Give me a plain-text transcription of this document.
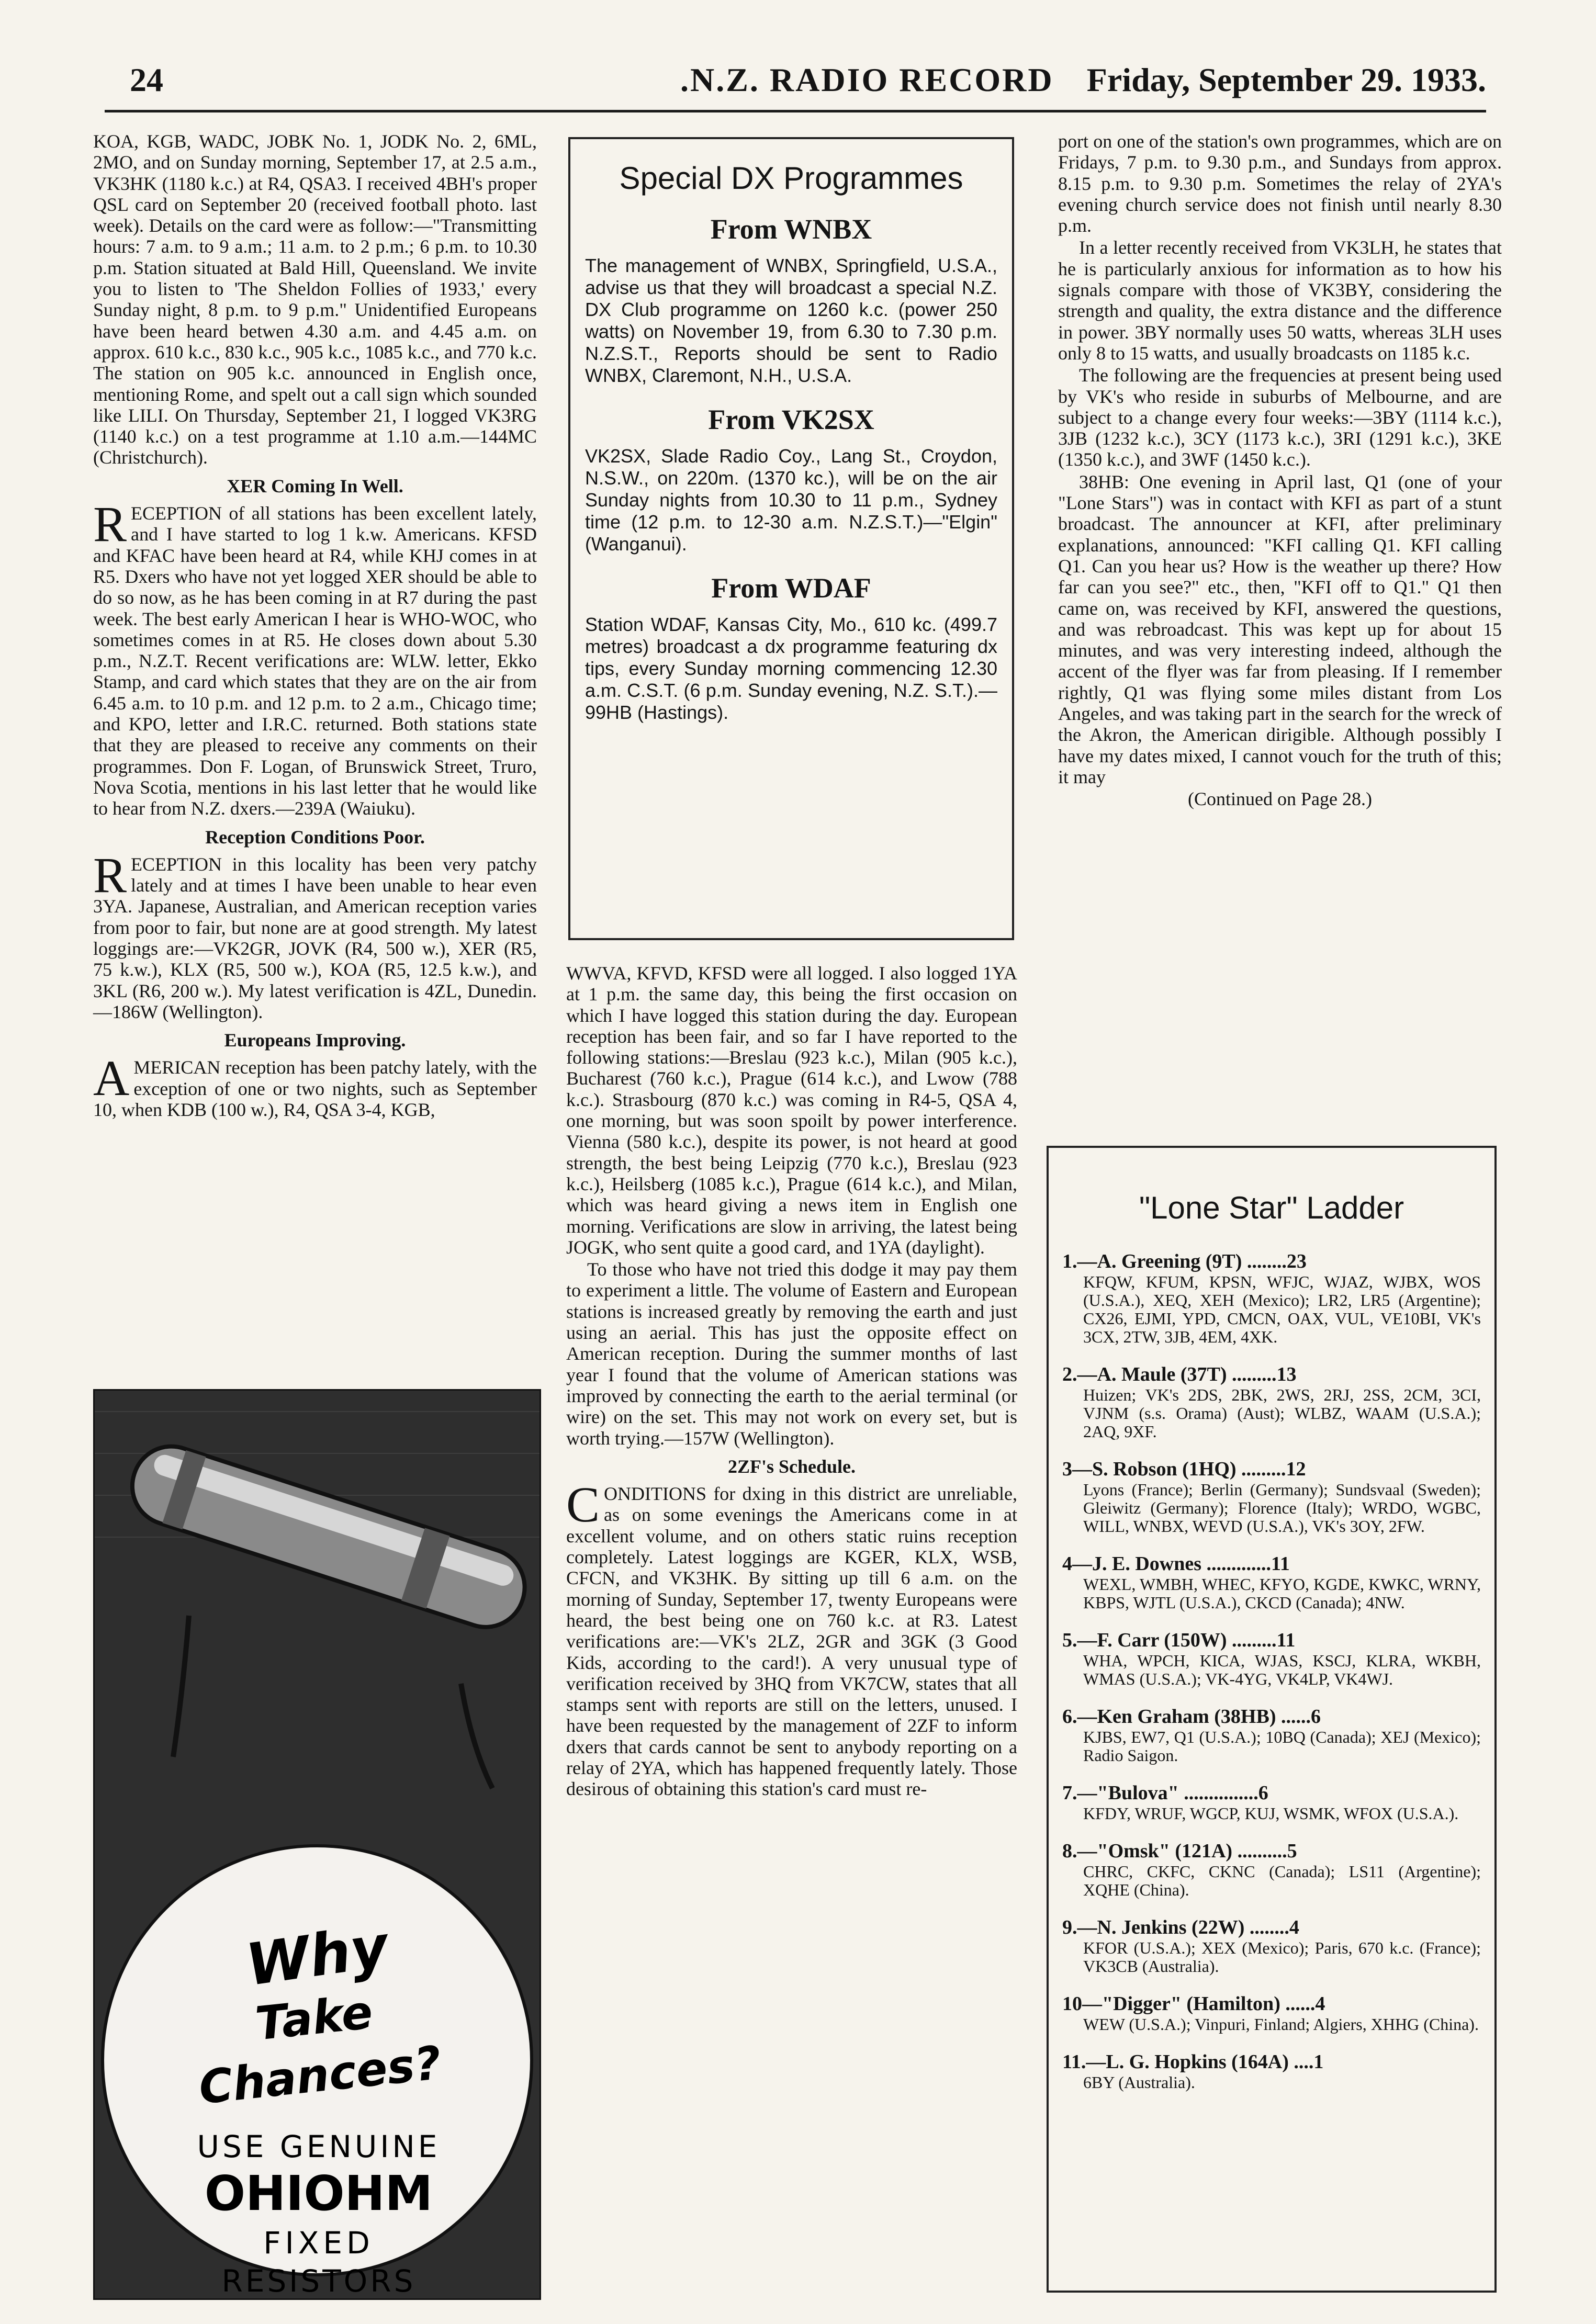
24	.N.Z. RADIO RECORD Friday, September 29. 1933.

KOA, KGB, WADC, JOBK No. 1, JODK No. 2, 6ML, 2MO, and on Sunday morning, September 17, at 2.5 a.m., VK3HK (1180 k.c.) at R4, QSA3. I received 4BH's proper QSL card on September 20 (received football photo. last week). Details on the card were as follow:—"Transmitting hours: 7 a.m. to 9 a.m.; 11 a.m. to 2 p.m.; 6 p.m. to 10.30 p.m. Station situated at Bald Hill, Queensland. We invite you to listen to 'The Sheldon Follies of 1933,' every Sunday night, 8 p.m. to 9 p.m." Unidentified Europeans have been heard betwen 4.30 a.m. and 4.45 a.m. on approx. 610 k.c., 830 k.c., 905 k.c., 1085 k.c., and 770 k.c. The station on 905 k.c. announced in English once, mentioning Rome, and spelt out a call sign which sounded like LILI. On Thursday, September 21, I logged VK3RG (1140 k.c.) on a test programme at 1.10 a.m.—144MC (Christchurch).

XER Coming In Well.

RECEPTION of all stations has been excellent lately, and I have started to log 1 k.w. Americans. KFSD and KFAC have been heard at R4, while KHJ comes in at R5. Dxers who have not yet logged XER should be able to do so now, as he has been coming in at R7 during the past week. The best early American I hear is WHO-WOC, who sometimes comes in at R5. He closes down about 5.30 p.m., N.Z.T. Recent verifications are: WLW. letter, Ekko Stamp, and card which states that they are on the air from 6.45 a.m. to 10 p.m. and 12 p.m. to 2 a.m., Chicago time; and KPO, letter and I.R.C. returned. Both stations state that they are pleased to receive any comments on their programmes. Don F. Logan, of Brunswick Street, Truro, Nova Scotia, mentions in his last letter that he would like to hear from N.Z. dxers.—239A (Waiuku).

Reception Conditions Poor.

RECEPTION in this locality has been very patchy lately and at times I have been unable to hear even 3YA. Japanese, Australian, and American reception varies from poor to fair, but none are at good strength. My latest loggings are:—VK2GR, JOVK (R4, 500 w.), XER (R5, 75 k.w.), KLX (R5, 500 w.), KOA (R5, 12.5 k.w.), and 3KL (R6, 200 w.). My latest verification is 4ZL, Dunedin.—186W (Wellington).

Europeans Improving.

AMERICAN reception has been patchy lately, with the exception of one or two nights, such as September 10, when KDB (100 w.), R4, QSA 3-4, KGB,

Why
Take Chances?
USE GENUINE
OHIOHM
FIXED
RESISTORS
Special DX Programmes
From WNBX

The management of WNBX, Springfield, U.S.A., advise us that they will broadcast a special N.Z. DX Club programme on 1260 k.c. (power 250 watts) on November 19, from 6.30 to 7.30 p.m. N.Z.S.T., Reports should be sent to Radio WNBX, Claremont, N.H., U.S.A.

From VK2SX

VK2SX, Slade Radio Coy., Lang St., Croydon, N.S.W., on 220m. (1370 kc.), will be on the air Sunday nights from 10.30 to 11 p.m., Sydney time (12 p.m. to 12-30 a.m. N.Z.S.T.)—"Elgin" (Wanganui).

From WDAF

Station WDAF, Kansas City, Mo., 610 kc. (499.7 metres) broadcast a dx programme featuring dx tips, every Sunday morning commencing 12.30 a.m. C.S.T. (6 p.m. Sunday evening, N.Z. S.T.).—99HB (Hastings).

WWVA, KFVD, KFSD were all logged. I also logged 1YA at 1 p.m. the same day, this being the first occasion on which I have logged this station during the day. European reception has been fair, and so far I have reported to the following stations:—Breslau (923 k.c.), Milan (905 k.c.), Bucharest (760 k.c.), Prague (614 k.c.), and Lwow (788 k.c.). Strasbourg (870 k.c.) was coming in R4-5, QSA 4, one morning, but was soon spoilt by power interference. Vienna (580 k.c.), despite its power, is not heard at good strength, the best being Leipzig (770 k.c.), Breslau (923 k.c.), Heilsberg (1085 k.c.), Prague (614 k.c.), and Milan, which was heard giving a news item in English one morning. Verifications are slow in arriving, the latest being JOGK, who sent quite a good card, and 1YA (daylight).

To those who have not tried this dodge it may pay them to experiment a little. The volume of Eastern and European stations is increased greatly by removing the earth and just using an aerial. This has just the opposite effect on American reception. During the summer months of last year I found that the volume of American stations was improved by connecting the earth to the aerial terminal (or wire) on the set. This may not work on every set, but is worth trying.—157W (Wellington).

2ZF's Schedule.

CONDITIONS for dxing in this district are unreliable, as on some evenings the Americans come in at excellent volume, and on others static ruins reception completely. Latest loggings are KGER, KLX, WSB, CFCN, and VK3HK. By sitting up till 6 a.m. on the morning of Sunday, September 17, twenty Europeans were heard, the best being one on 760 k.c. at R3. Latest verifications are:—VK's 2LZ, 2GR and 3GK (3 Good Kids, according to the card!). A very unusual type of verification received by 3HQ from VK7CW, states that all stamps sent with reports are still on the letters, unused. I have been requested by the management of 2ZF to inform dxers that cards cannot be sent to anybody reporting on a relay of 2YA, which has happened frequently lately. Those desirous of obtaining this station's card must re-

port on one of the station's own programmes, which are on Fridays, 7 p.m. to 9.30 p.m., and Sundays from approx. 8.15 p.m. to 9.30 p.m. Sometimes the relay of 2YA's evening church service does not finish until nearly 8.30 p.m.

In a letter recently received from VK3LH, he states that he is particularly anxious for information as to how his signals compare with those of VK3BY, considering the strength and quality, the extra distance and the difference in power. 3BY normally uses 50 watts, whereas 3LH uses only 8 to 15 watts, and usually broadcasts on 1185 k.c.

The following are the frequencies at present being used by VK's who reside in suburbs of Melbourne, and are subject to a change every four weeks:—3BY (1114 k.c.), 3JB (1232 k.c.), 3CY (1173 k.c.), 3RI (1291 k.c.), 3KE (1350 k.c.), and 3WF (1450 k.c.).

38HB: One evening in April last, Q1 (one of your "Lone Stars") was in contact with KFI as part of a stunt broadcast. The announcer at KFI, after preliminary explanations, announced: "KFI calling Q1. KFI calling Q1. Can you hear us? How is the weather up there? How far can you see?" etc., then, "KFI off to Q1." Q1 then came on, was received by KFI, answered the questions, and was rebroadcast. This was kept up for about 15 minutes, and was very interesting indeed, although the accent of the flyer was far from pleasing. If I remember rightly, Q1 was flying some miles distant from Los Angeles, and was taking part in the search for the wreck of the Akron, the American dirigible. Although possibly I have my dates mixed, I cannot vouch for the truth of this; it may

(Continued on Page 28.)

"Lone Star" Ladder
1.—A. Greening (9T) ........23
KFQW, KFUM, KPSN, WFJC, WJAZ, WJBX, WOS (U.S.A.), XEQ, XEH (Mexico); LR2, LR5 (Argentine); CX26, EJMI, YPD, CMCN, OAX, VUL, VE10BI, VK's 3CX, 2TW, 3JB, 4EM, 4XK.
2.—A. Maule (37T) .........13
Huizen; VK's 2DS, 2BK, 2WS, 2RJ, 2SS, 2CM, 3CI, VJNM (s.s. Orama) (Aust); WLBZ, WAAM (U.S.A.); 2AQ, 9XF.
3—S. Robson (1HQ) .........12
Lyons (France); Berlin (Germany); Sundsvaal (Sweden); Gleiwitz (Germany); Florence (Italy); WRDO, WGBC, WILL, WNBX, WEVD (U.S.A.), VK's 3OY, 2FW.
4—J. E. Downes .............11
WEXL, WMBH, WHEC, KFYO, KGDE, KWKC, WRNY, KBPS, WJTL (U.S.A.), CKCD (Canada); 4NW.
5.—F. Carr (150W) .........11
WHA, WPCH, KICA, WJAS, KSCJ, KLRA, WKBH, WMAS (U.S.A.); VK-4YG, VK4LP, VK4WJ.
6.—Ken Graham (38HB) ......6
KJBS, EW7, Q1 (U.S.A.); 10BQ (Canada); XEJ (Mexico); Radio Saigon.
7.—"Bulova" ...............6
KFDY, WRUF, WGCP, KUJ, WSMK, WFOX (U.S.A.).
8.—"Omsk" (121A) ..........5
CHRC, CKFC, CKNC (Canada); LS11 (Argentine); XQHE (China).
9.—N. Jenkins (22W) ........4
KFOR (U.S.A.); XEX (Mexico); Paris, 670 k.c. (France); VK3CB (Australia).
10—"Digger" (Hamilton) ......4
WEW (U.S.A.); Vinpuri, Finland; Algiers, XHHG (China).
11.—L. G. Hopkins (164A) ....1
6BY (Australia).
